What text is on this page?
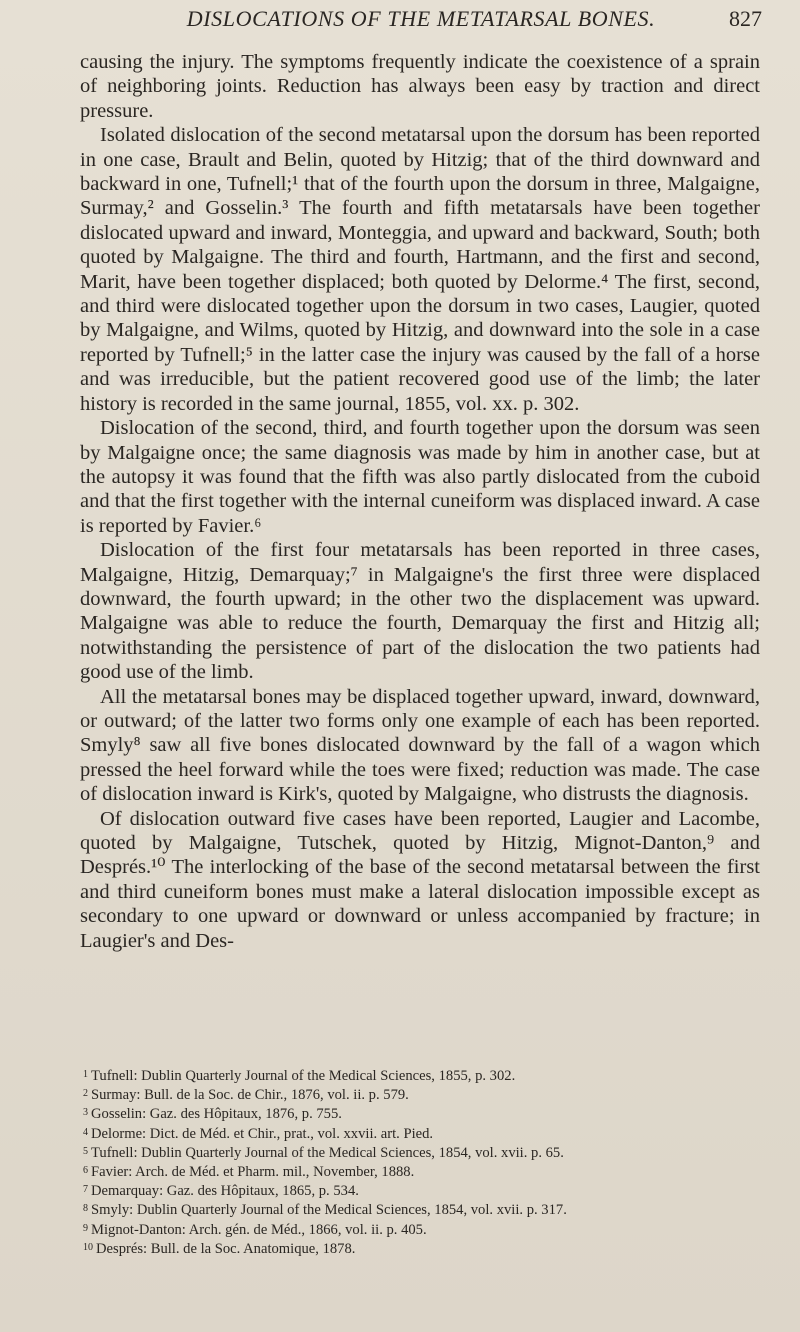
DISLOCATIONS OF THE METATARSAL BONES.	827

causing the injury. The symptoms frequently indicate the coexistence of a sprain of neighboring joints. Reduction has always been easy by traction and direct pressure.

Isolated dislocation of the second metatarsal upon the dorsum has been reported in one case, Brault and Belin, quoted by Hitzig; that of the third downward and backward in one, Tufnell;¹ that of the fourth upon the dorsum in three, Malgaigne, Surmay,² and Gosselin.³ The fourth and fifth metatarsals have been together dislocated upward and inward, Monteggia, and upward and backward, South; both quoted by Malgaigne. The third and fourth, Hartmann, and the first and second, Marit, have been together displaced; both quoted by Delorme.⁴ The first, second, and third were dislocated together upon the dorsum in two cases, Laugier, quoted by Malgaigne, and Wilms, quoted by Hitzig, and downward into the sole in a case reported by Tufnell;⁵ in the latter case the injury was caused by the fall of a horse and was irreducible, but the patient recovered good use of the limb; the later history is recorded in the same journal, 1855, vol. xx. p. 302.

Dislocation of the second, third, and fourth together upon the dorsum was seen by Malgaigne once; the same diagnosis was made by him in another case, but at the autopsy it was found that the fifth was also partly dislocated from the cuboid and that the first together with the internal cuneiform was displaced inward. A case is reported by Favier.⁶

Dislocation of the first four metatarsals has been reported in three cases, Malgaigne, Hitzig, Demarquay;⁷ in Malgaigne's the first three were displaced downward, the fourth upward; in the other two the displacement was upward. Malgaigne was able to reduce the fourth, Demarquay the first and Hitzig all; notwithstanding the persistence of part of the dislocation the two patients had good use of the limb.

All the metatarsal bones may be displaced together upward, inward, downward, or outward; of the latter two forms only one example of each has been reported. Smyly⁸ saw all five bones dislocated downward by the fall of a wagon which pressed the heel forward while the toes were fixed; reduction was made. The case of dislocation inward is Kirk's, quoted by Malgaigne, who distrusts the diagnosis.

Of dislocation outward five cases have been reported, Laugier and Lacombe, quoted by Malgaigne, Tutschek, quoted by Hitzig, Mignot-Danton,⁹ and Després.¹⁰ The interlocking of the base of the second metatarsal between the first and third cuneiform bones must make a lateral dislocation impossible except as secondary to one upward or downward or unless accompanied by fracture; in Laugier's and Des-

$^1$ Tufnell: Dublin Quarterly Journal of the Medical Sciences, 1855, p. 302.
$^2$ Surmay: Bull. de la Soc. de Chir., 1876, vol. ii. p. 579.
$^3$ Gosselin: Gaz. des Hôpitaux, 1876, p. 755.
$^4$ Delorme: Dict. de Méd. et Chir., prat., vol. xxvii. art. Pied.
$^5$ Tufnell: Dublin Quarterly Journal of the Medical Sciences, 1854, vol. xvii. p. 65.
$^6$ Favier: Arch. de Méd. et Pharm. mil., November, 1888.
$^7$ Demarquay: Gaz. des Hôpitaux, 1865, p. 534.
$^8$ Smyly: Dublin Quarterly Journal of the Medical Sciences, 1854, vol. xvii. p. 317.
$^9$ Mignot-Danton: Arch. gén. de Méd., 1866, vol. ii. p. 405.
$^{10}$ Després: Bull. de la Soc. Anatomique, 1878.
